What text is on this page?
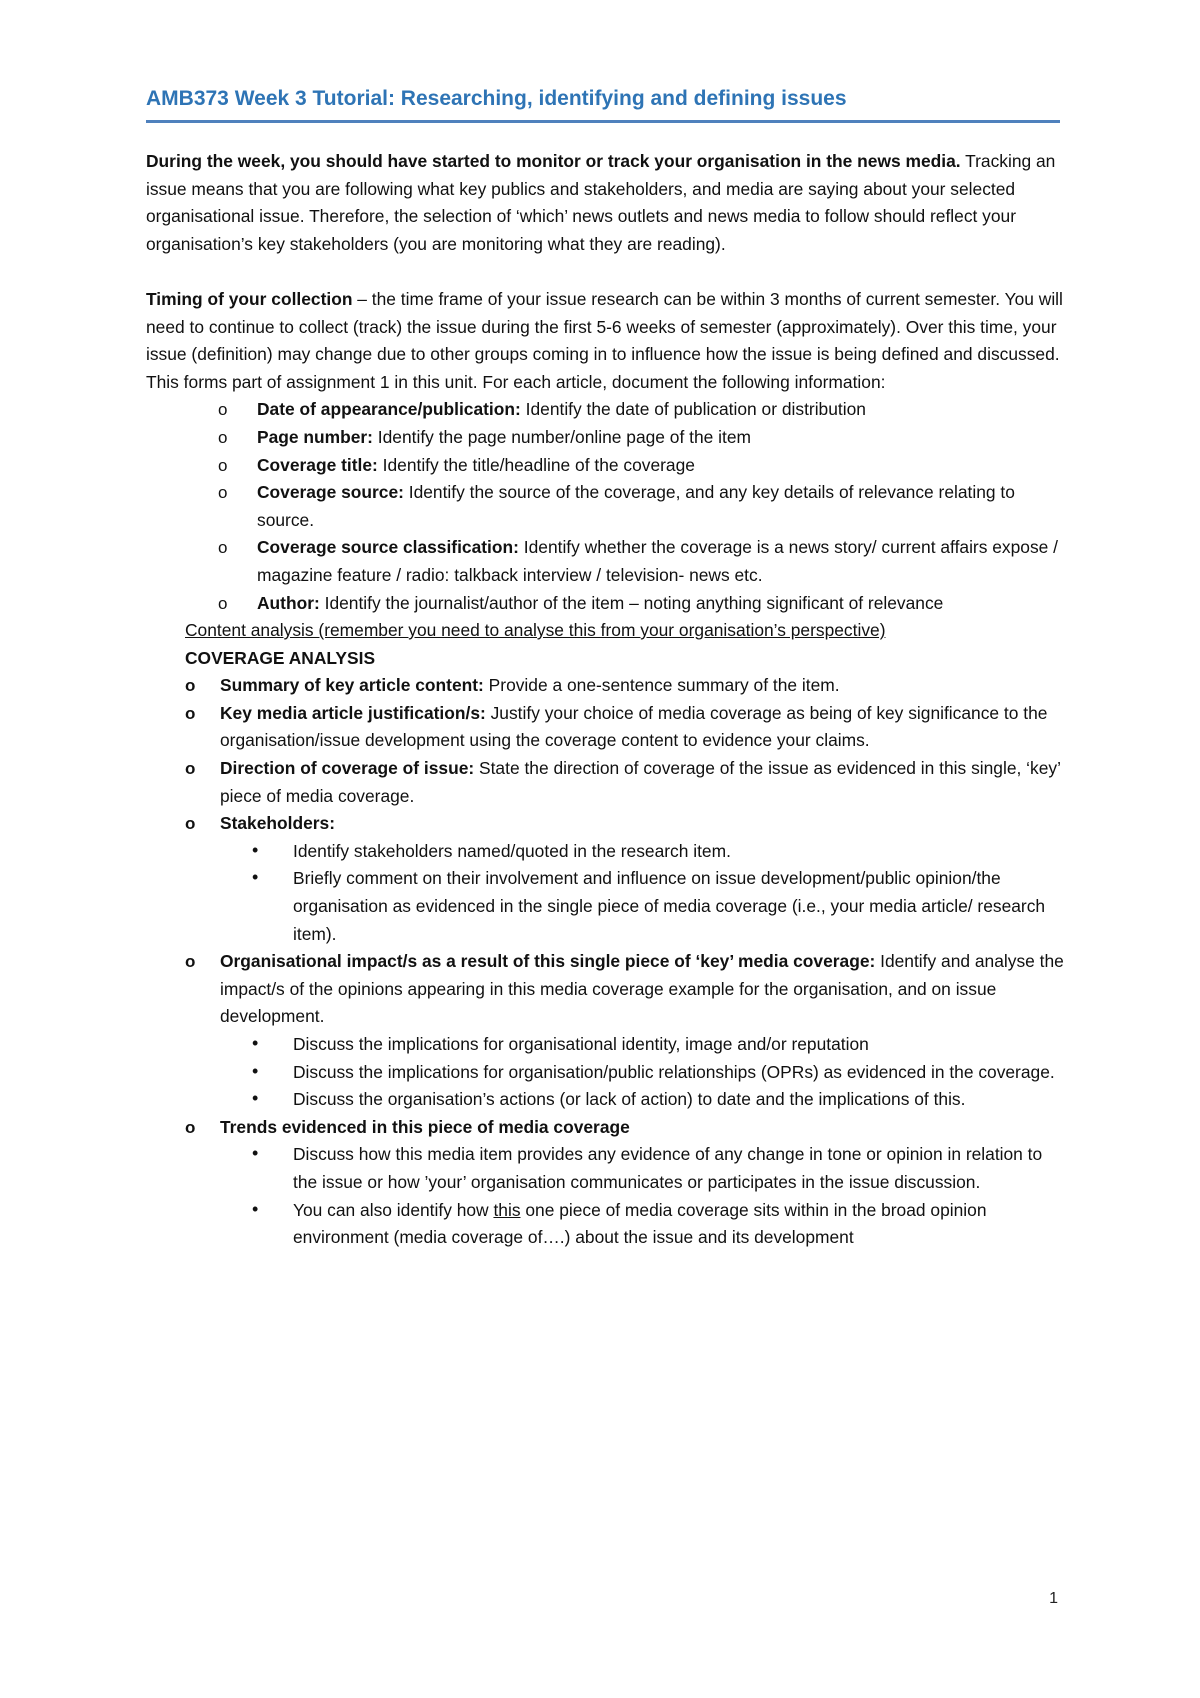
AMB373 Week 3 Tutorial: Researching, identifying and defining issues

During the week, you should have started to monitor or track your organisation in the news media. Tracking an issue means that you are following what key publics and stakeholders, and media are saying about your selected organisational issue. Therefore, the selection of ‘which’ news outlets and news media to follow should reflect your organisation’s key stakeholders (you are monitoring what they are reading).

Timing of your collection – the time frame of your issue research can be within 3 months of current semester. You will need to continue to collect (track) the issue during the first 5-6 weeks of semester (approximately). Over this time, your issue (definition) may change due to other groups coming in to influence how the issue is being defined and discussed. This forms part of assignment 1 in this unit. For each article, document the following information:

o Date of appearance/publication: Identify the date of publication or distribution
o Page number: Identify the page number/online page of the item
o Coverage title: Identify the title/headline of the coverage
o Coverage source: Identify the source of the coverage, and any key details of relevance relating to source.
o Coverage source classification: Identify whether the coverage is a news story/ current affairs expose / magazine feature / radio: talkback interview / television- news etc.
o Author: Identify the journalist/author of the item – noting anything significant of relevance

Content analysis (remember you need to analyse this from your organisation’s perspective)

COVERAGE ANALYSIS

o Summary of key article content: Provide a one-sentence summary of the item.
o Key media article justification/s: Justify your choice of media coverage as being of key significance to the organisation/issue development using the coverage content to evidence your claims.
o Direction of coverage of issue: State the direction of coverage of the issue as evidenced in this single, ‘key’ piece of media coverage.
o Stakeholders:
• Identify stakeholders named/quoted in the research item.
• Briefly comment on their involvement and influence on issue development/public opinion/the organisation as evidenced in the single piece of media coverage (i.e., your media article/ research item).
o Organisational impact/s as a result of this single piece of ‘key’ media coverage: Identify and analyse the impact/s of the opinions appearing in this media coverage example for the organisation, and on issue development.
• Discuss the implications for organisational identity, image and/or reputation
• Discuss the implications for organisation/public relationships (OPRs) as evidenced in the coverage.
• Discuss the organisation’s actions (or lack of action) to date and the implications of this.
o Trends evidenced in this piece of media coverage
• Discuss how this media item provides any evidence of any change in tone or opinion in relation to the issue or how ’your’ organisation communicates or participates in the issue discussion.
• You can also identify how this one piece of media coverage sits within in the broad opinion environment (media coverage of….) about the issue and its development
1
